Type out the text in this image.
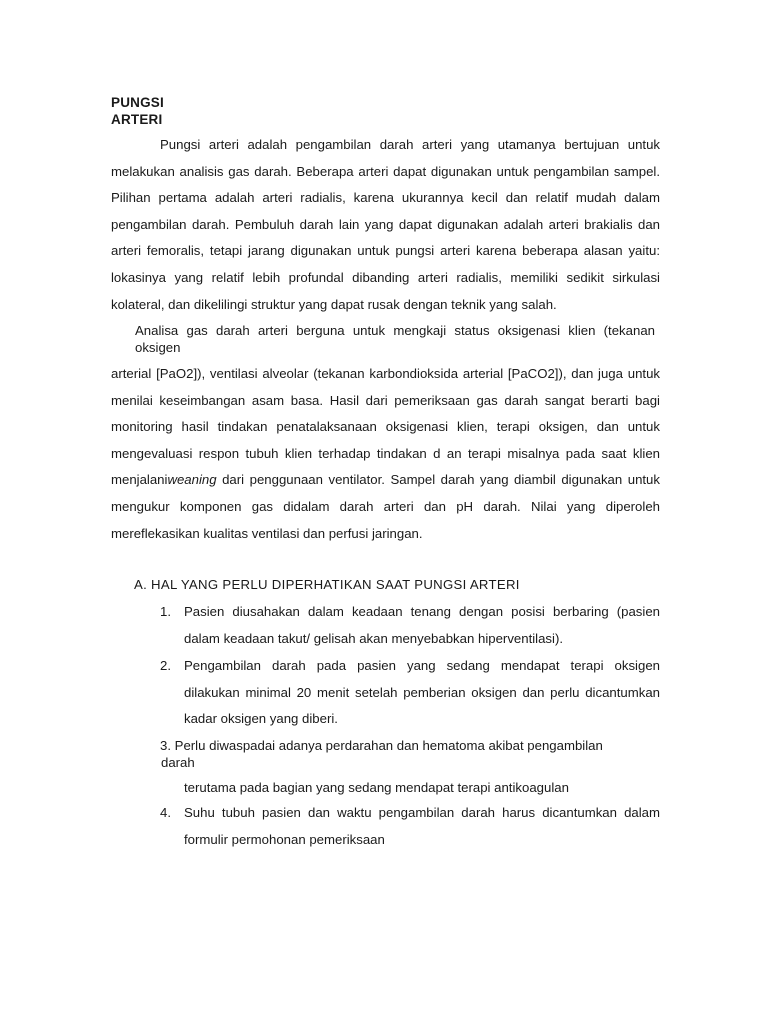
PUNGSI
ARTERI

Pungsi arteri adalah pengambilan darah arteri yang utamanya bertujuan untuk melakukan analisis gas darah. Beberapa arteri dapat digunakan untuk pengambilan sampel. Pilihan pertama adalah arteri radialis, karena ukurannya kecil dan relatif mudah dalam pengambilan darah. Pembuluh darah lain yang dapat digunakan adalah arteri brakialis dan arteri femoralis, tetapi jarang digunakan untuk pungsi arteri karena beberapa alasan yaitu: lokasinya yang relatif lebih profundal dibanding arteri radialis, memiliki sedikit sirkulasi kolateral, dan dikelilingi struktur yang dapat rusak dengan teknik yang salah.

Analisa gas darah arteri berguna untuk mengkaji status oksigenasi klien (tekanan oksigen

arterial [PaO2]), ventilasi alveolar (tekanan karbondioksida arterial [PaCO2]), dan juga untuk menilai keseimbangan asam basa. Hasil dari pemeriksaan gas darah sangat berarti bagi monitoring hasil tindakan penatalaksanaan oksigenasi klien, terapi oksigen, dan untuk mengevaluasi respon tubuh klien terhadap tindakan d an terapi misalnya pada saat klien menjalaniweaning dari penggunaan ventilator. Sampel darah yang diambil digunakan untuk mengukur komponen gas didalam darah arteri dan pH darah. Nilai yang diperoleh mereflekasikan kualitas ventilasi dan perfusi jaringan.

A. HAL YANG PERLU DIPERHATIKAN SAAT PUNGSI ARTERI
1. Pasien diusahakan dalam keadaan tenang dengan posisi berbaring (pasien dalam keadaan takut/ gelisah akan menyebabkan hiperventilasi).
2. Pengambilan darah pada pasien yang sedang mendapat terapi oksigen dilakukan minimal 20 menit setelah pemberian oksigen dan perlu dicantumkan kadar oksigen yang diberi.
3. Perlu diwaspadai adanya perdarahan dan hematoma akibat pengambilan
darah
terutama pada bagian yang sedang mendapat terapi antikoagulan
4. Suhu tubuh pasien dan waktu pengambilan darah harus dicantumkan dalam formulir permohonan pemeriksaan
